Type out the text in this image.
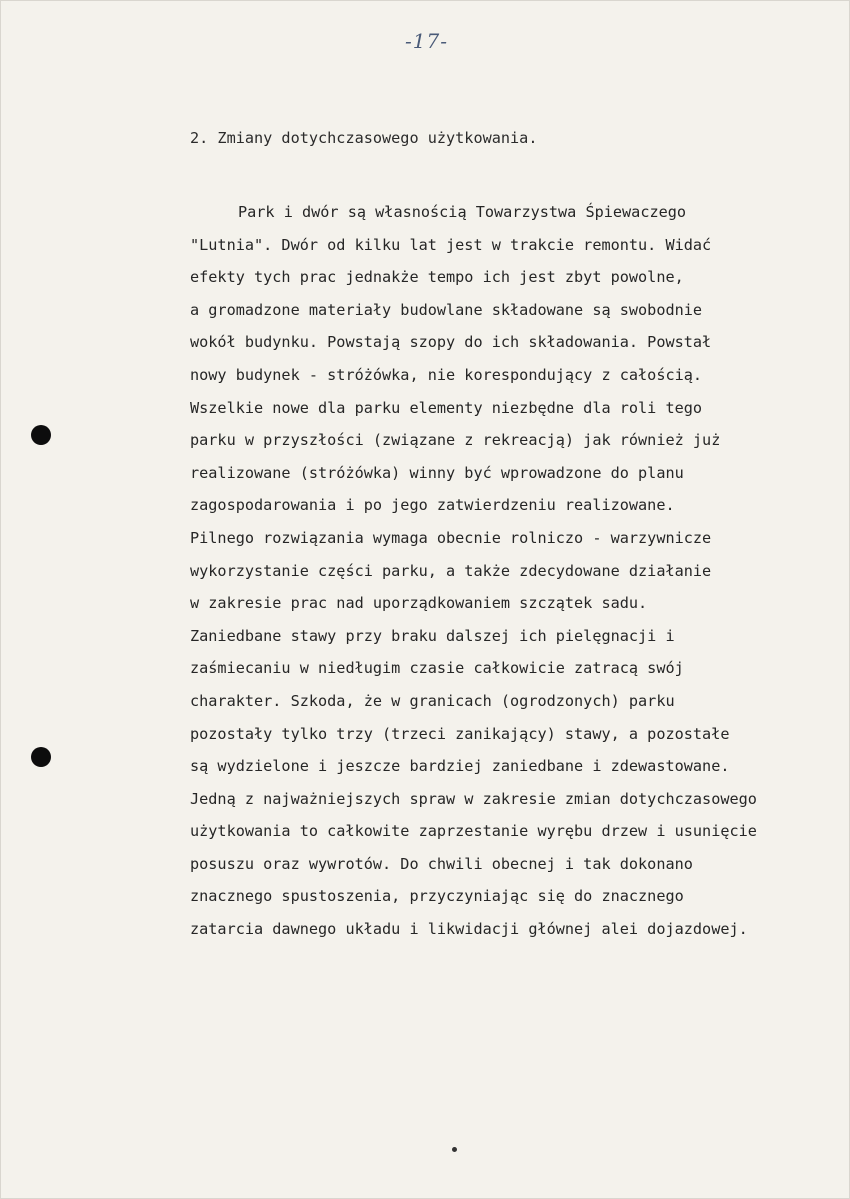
-17-
2. Zmiany dotychczasowego użytkowania.
Park i dwór są własnością Towarzystwa Śpiewaczego
"Lutnia". Dwór od kilku lat jest w trakcie remontu. Widać
efekty tych prac jednakże tempo ich jest zbyt powolne,
a gromadzone materiały budowlane składowane są swobodnie
wokół budynku. Powstają szopy do ich składowania. Powstał
nowy budynek - stróżówka, nie korespondujący z całością.
Wszelkie nowe dla parku elementy niezbędne dla roli tego
parku w przyszłości (związane z rekreacją) jak również już
realizowane (stróżówka) winny być wprowadzone do planu
zagospodarowania i po jego zatwierdzeniu realizowane.
Pilnego rozwiązania wymaga obecnie rolniczo - warzywnicze
wykorzystanie części parku, a także zdecydowane działanie
w zakresie prac nad uporządkowaniem szczątek sadu.
Zaniedbane stawy przy braku dalszej ich pielęgnacji i
zaśmiecaniu w niedługim czasie całkowicie zatracą swój
charakter. Szkoda, że w granicach (ogrodzonych) parku
pozostały tylko trzy (trzeci zanikający) stawy, a pozostałe
są wydzielone i jeszcze bardziej zaniedbane i zdewastowane.
Jedną z najważniejszych spraw w zakresie zmian dotychczasowego
użytkowania to całkowite zaprzestanie wyrębu drzew i usunięcie
posuszu oraz wywrotów. Do chwili obecnej i tak dokonano
znacznego spustoszenia, przyczyniając się do znacznego
zatarcia dawnego układu i likwidacji głównej alei dojazdowej.
